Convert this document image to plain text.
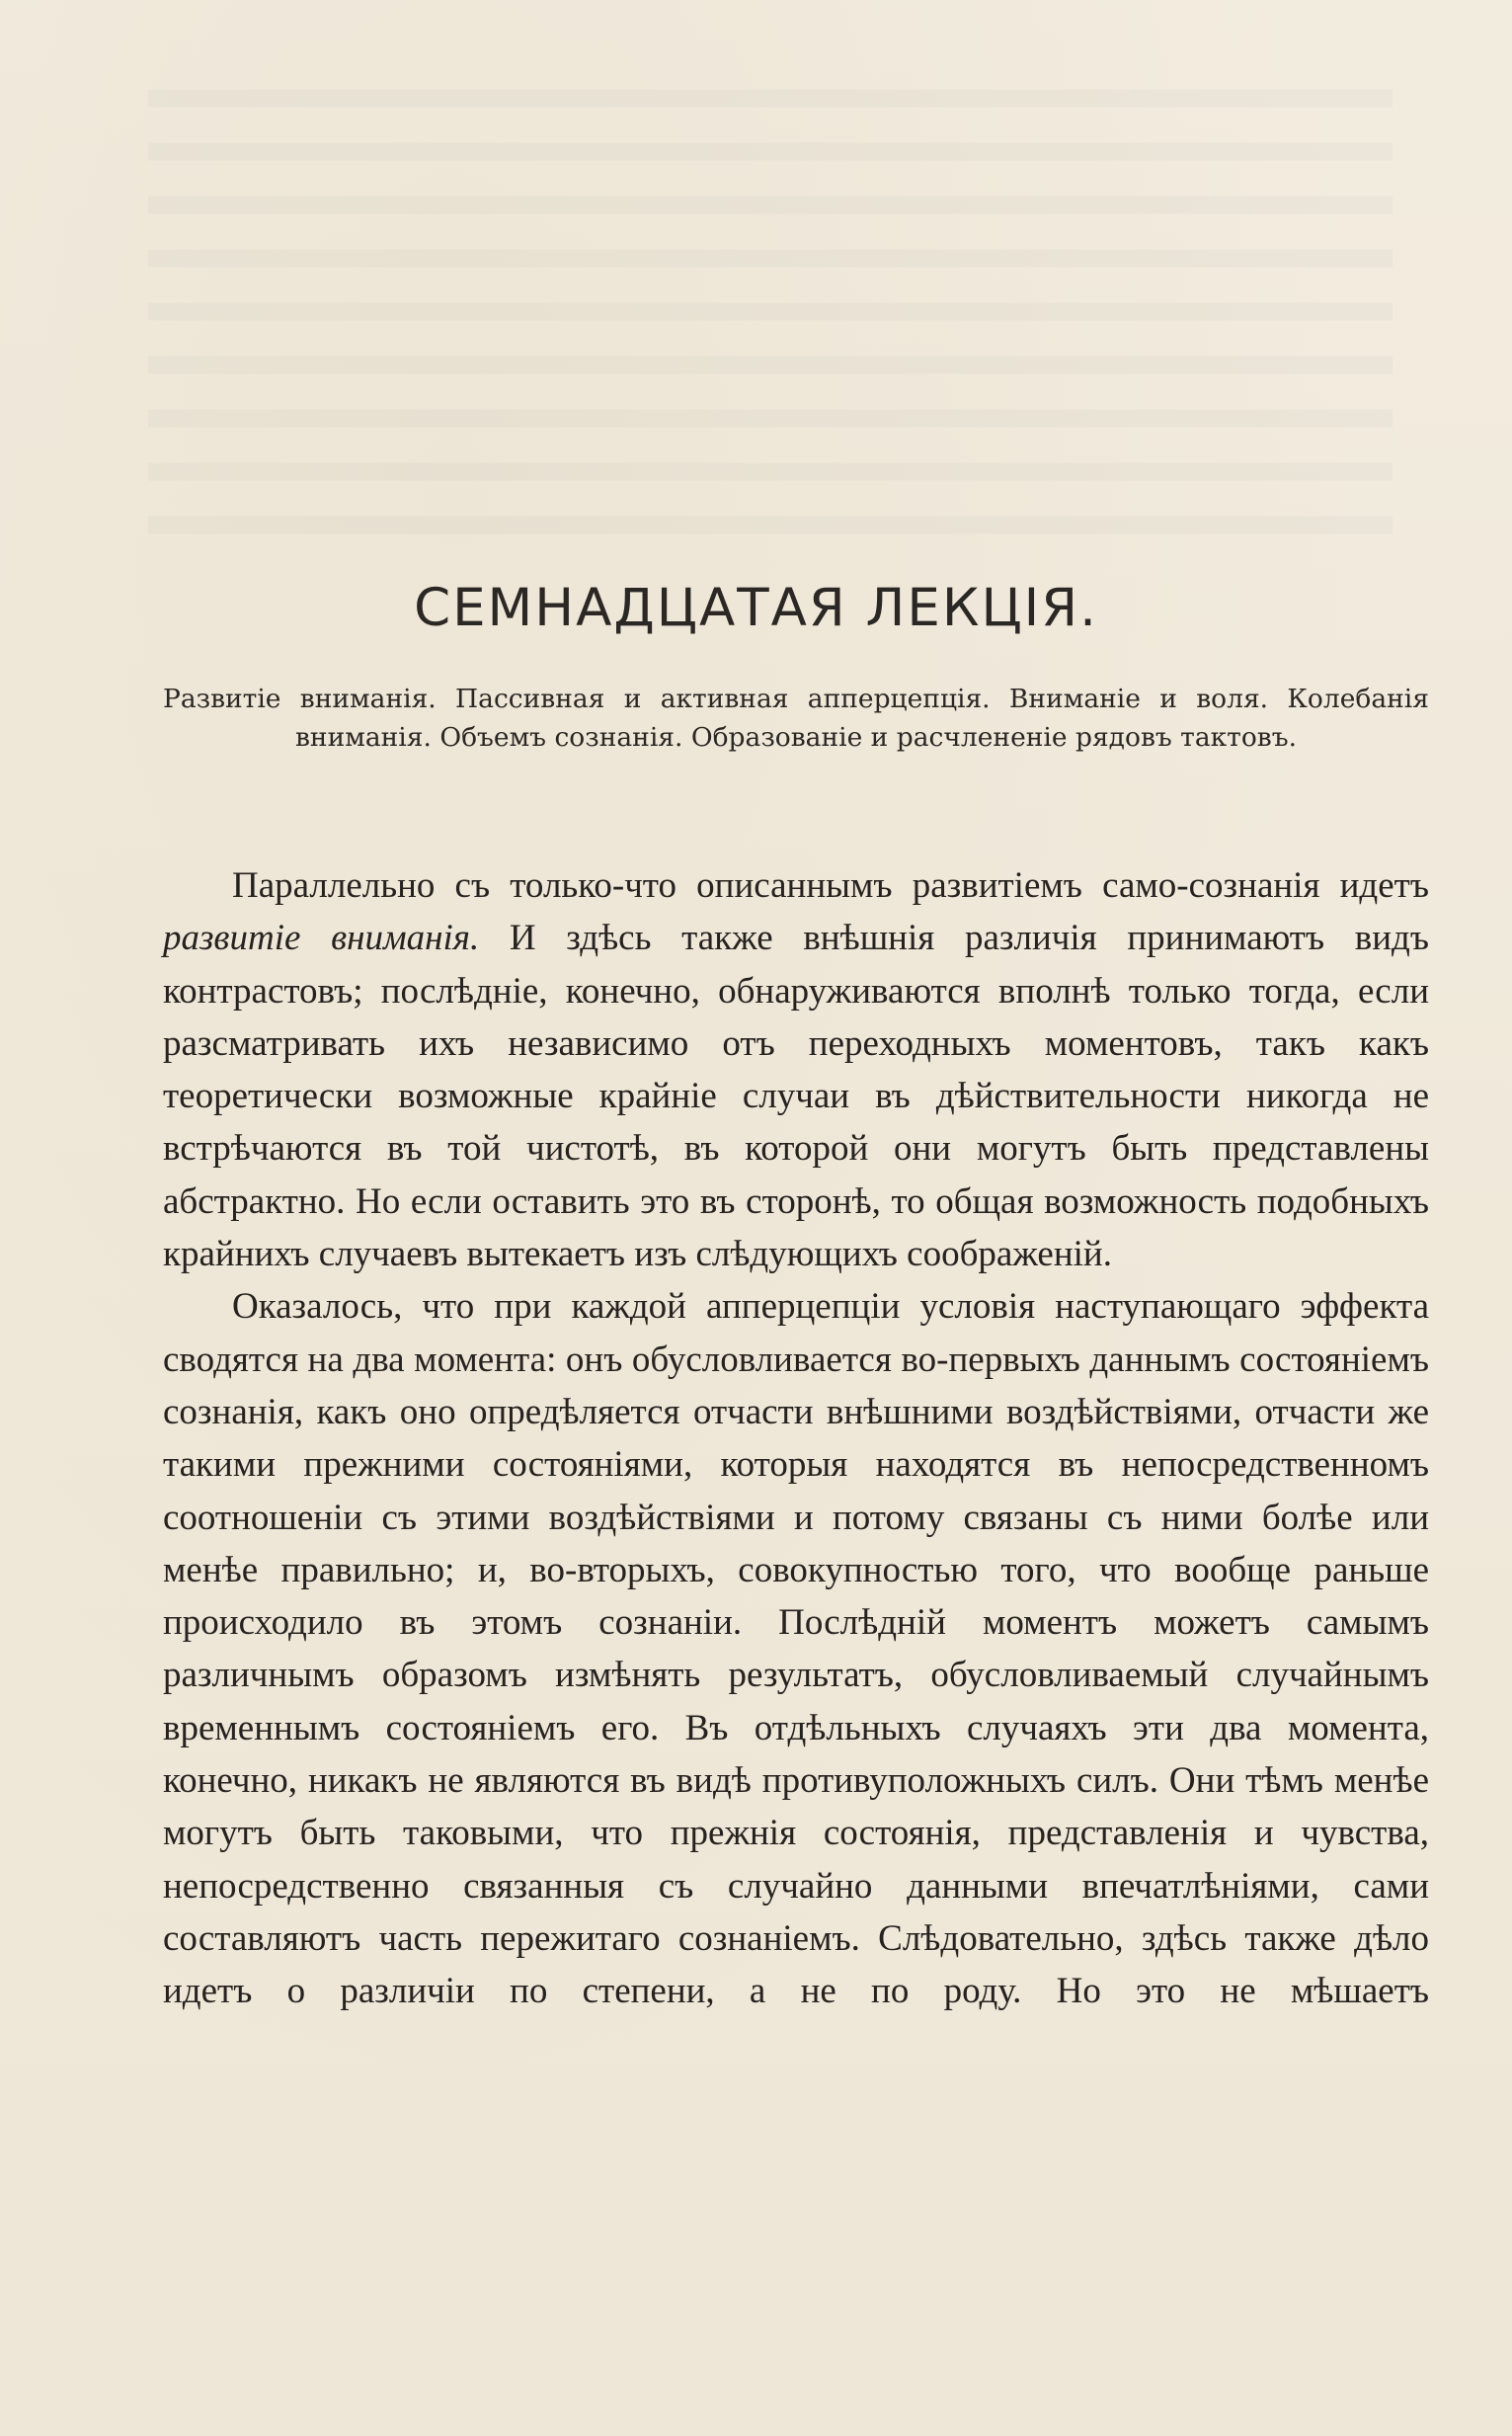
СЕМНАДЦАТАЯ ЛЕКЦІЯ.

Развитіе вниманія. Пассивная и активная апперцепція. Вниманіе и воля. Колебанія вниманія. Объемъ сознанія. Образованіе и расчлененіе рядовъ тактовъ.

Параллельно съ только-что описаннымъ развитіемъ само-сознанія идетъ развитіе вниманія. И здѣсь также внѣшнія различія принимаютъ видъ контрастовъ; послѣдніе, конечно, обнаруживаются вполнѣ только тогда, если разсматривать ихъ независимо отъ переходныхъ моментовъ, такъ какъ теоретически возможные крайніе случаи въ дѣйствительности никогда не встрѣчаются въ той чистотѣ, въ которой они могутъ быть представлены абстрактно. Но если оставить это въ сторонѣ, то общая возможность подобныхъ крайнихъ случаевъ вытекаетъ изъ слѣдующихъ соображеній.

Оказалось, что при каждой апперцепціи условія наступающаго эффекта сводятся на два момента: онъ обусловливается во-первыхъ даннымъ состояніемъ сознанія, какъ оно опредѣляется отчасти внѣшними воздѣйствіями, отчасти же такими прежними состояніями, которыя находятся въ непосредственномъ соотношеніи съ этими воздѣйствіями и потому связаны съ ними болѣе или менѣе правильно; и, во-вторыхъ, совокупностью того, что вообще раньше происходило въ этомъ сознаніи. Послѣдній моментъ можетъ самымъ различнымъ образомъ измѣнять результатъ, обусловливаемый случайнымъ временнымъ состояніемъ его. Въ отдѣльныхъ случаяхъ эти два момента, конечно, никакъ не являются въ видѣ противуположныхъ силъ. Они тѣмъ менѣе могутъ быть таковыми, что прежнія состоянія, представленія и чувства, непосредственно связанныя съ случайно данными впечатлѣніями, сами составляютъ часть пережитаго сознаніемъ. Слѣдовательно, здѣсь также дѣло идетъ о различіи по степени, а не по роду. Но это не мѣшаетъ
